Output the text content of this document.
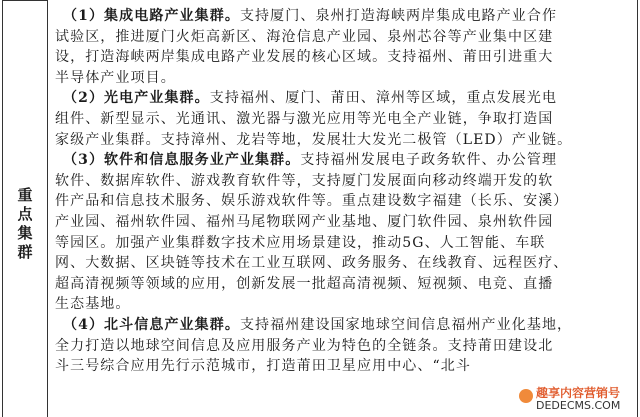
重
点
集
群
（1）集成电路产业集群。支持厦门、泉州打造海峡两岸集成电路产业合作
试验区，推进厦门火炬高新区、海沧信息产业园、泉州芯谷等产业集中区建
设，打造海峡两岸集成电路产业发展的核心区域。支持福州、莆田引进重大
半导体产业项目。
（2）光电产业集群。支持福州、厦门、莆田、漳州等区域，重点发展光电
组件、新型显示、光通讯、激光器与激光应用等光电全产业链，争取打造国
家级产业集群。支持漳州、龙岩等地，发展壮大发光二极管（LED）产业链。
（3）软件和信息服务业产业集群。支持福州发展电子政务软件、办公管理
软件、数据库软件、游戏教育软件等，支持厦门发展面向移动终端开发的软
件产品和信息技术服务、娱乐游戏软件等。重点建设数字福建（长乐、安溪）
产业园、福州软件园、福州马尾物联网产业基地、厦门软件园、泉州软件园
等园区。加强产业集群数字技术应用场景建设，推动5G、人工智能、车联
网、大数据、区块链等技术在工业互联网、政务服务、在线教育、远程医疗、
超高清视频等领域的应用，创新发展一批超高清视频、短视频、电竞、直播
生态基地。
（4）北斗信息产业集群。支持福州建设国家地球空间信息福州产业化基地，
全力打造以地球空间信息及应用服务产业为特色的全链条。支持莆田建设北
斗三号综合应用先行示范城市，打造莆田卫星应用中心、“北斗
趣享内容营销号
DEDECMS.COM
